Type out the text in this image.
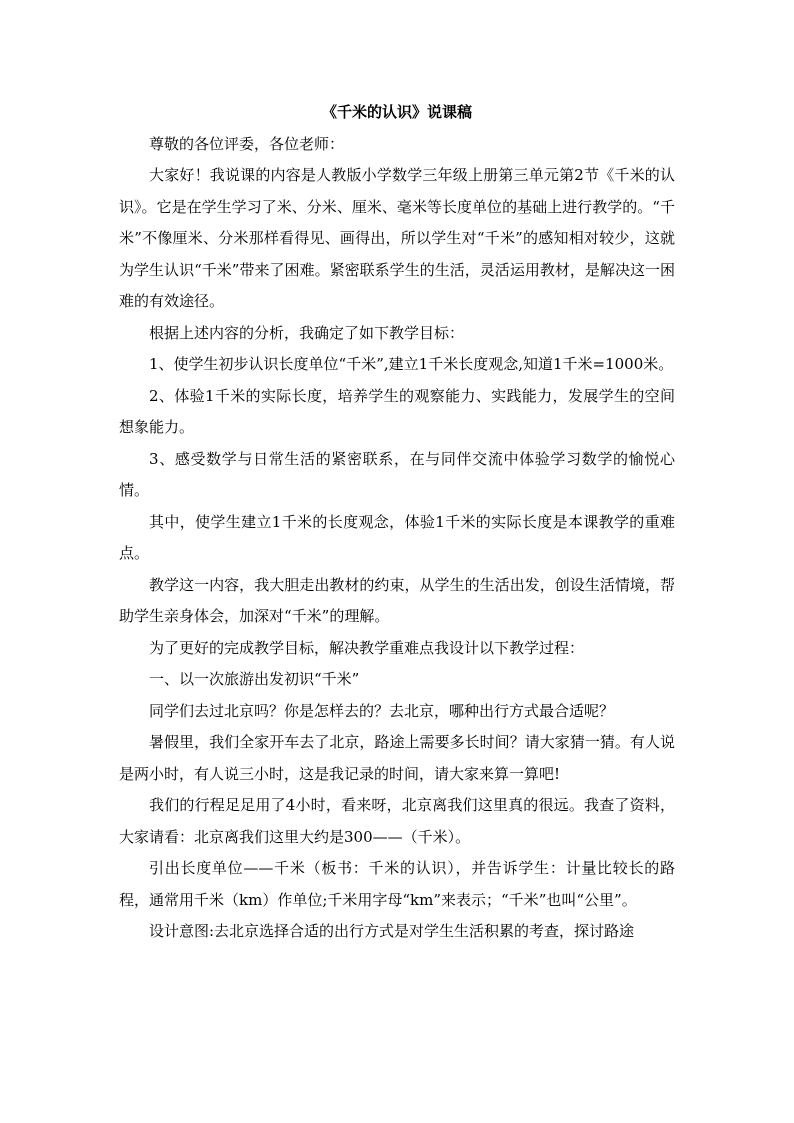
《千米的认识》说课稿

尊敬的各位评委，各位老师：

大家好！我说课的内容是人教版小学数学三年级上册第三单元第2节《千米的认识》。它是在学生学习了米、分米、厘米、毫米等长度单位的基础上进行教学的。“千米”不像厘米、分米那样看得见、画得出，所以学生对“千米”的感知相对较少，这就为学生认识“千米”带来了困难。紧密联系学生的生活，灵活运用教材，是解决这一困难的有效途径。

根据上述内容的分析，我确定了如下教学目标：

1、使学生初步认识长度单位“千米”,建立1千米长度观念,知道1千米=1000米。

2、体验1千米的实际长度，培养学生的观察能力、实践能力，发展学生的空间想象能力。

3、感受数学与日常生活的紧密联系，在与同伴交流中体验学习数学的愉悦心情。

其中，使学生建立1千米的长度观念，体验1千米的实际长度是本课教学的重难点。

教学这一内容，我大胆走出教材的约束，从学生的生活出发，创设生活情境，帮助学生亲身体会，加深对“千米”的理解。

为了更好的完成教学目标，解决教学重难点我设计以下教学过程：

一、以一次旅游出发初识“千米”

同学们去过北京吗？你是怎样去的？去北京，哪种出行方式最合适呢？

暑假里，我们全家开车去了北京，路途上需要多长时间？请大家猜一猜。有人说是两小时，有人说三小时，这是我记录的时间，请大家来算一算吧!

我们的行程足足用了4小时，看来呀，北京离我们这里真的很远。我查了资料，大家请看：北京离我们这里大约是300——（千米）。

引出长度单位——千米（板书：千米的认识），并告诉学生：计量比较长的路程，通常用千米（km）作单位;千米用字母“km”来表示；“千米”也叫“公里”。

设计意图:去北京选择合适的出行方式是对学生生活积累的考查，探讨路途
